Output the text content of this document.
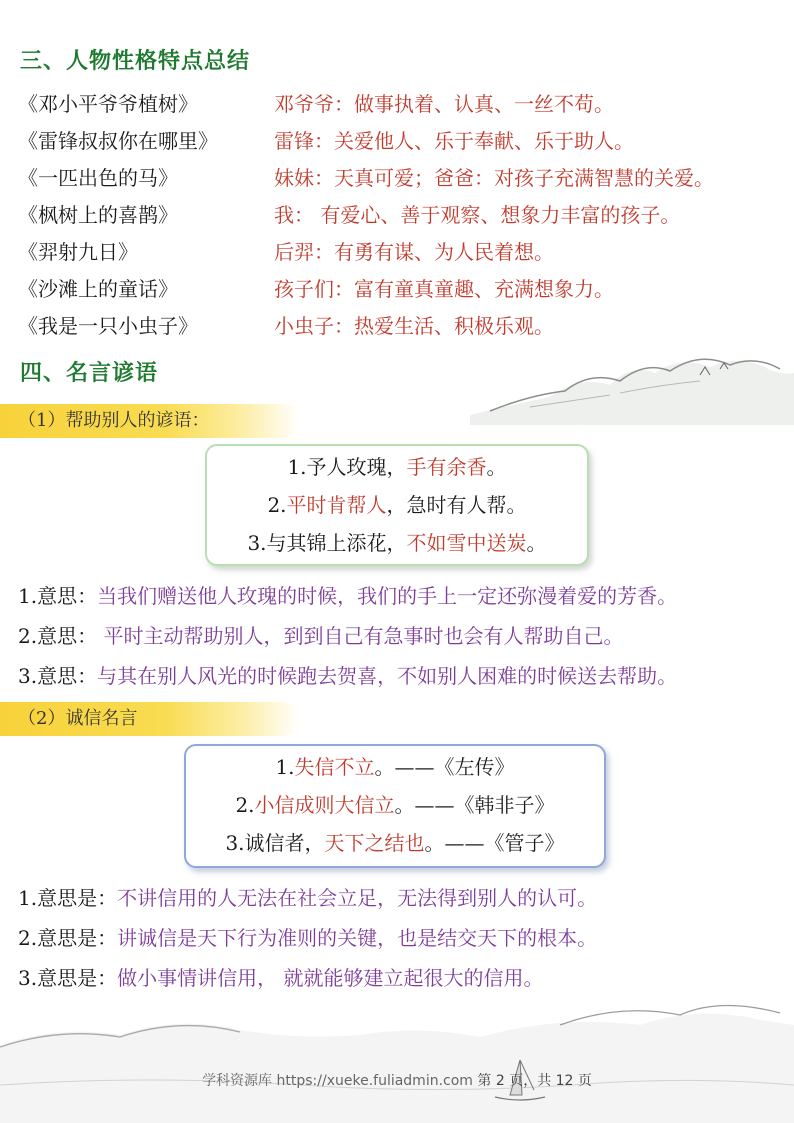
三、人物性格特点总结
《邓小平爷爷植树》	邓爷爷：做事执着、认真、一丝不苟。
《雷锋叔叔你在哪里》	雷锋：关爱他人、乐于奉献、乐于助人。
《一匹出色的马》	妹妹：天真可爱；爸爸：对孩子充满智慧的关爱。
《枫树上的喜鹊》	我： 有爱心、善于观察、想象力丰富的孩子。
《羿射九日》	后羿：有勇有谋、为人民着想。
《沙滩上的童话》	孩子们：富有童真童趣、充满想象力。
《我是一只小虫子》	小虫子：热爱生活、积极乐观。
四、名言谚语
（1）帮助别人的谚语：
1.予人玫瑰，手有余香。
2.平时肯帮人，急时有人帮。
3.与其锦上添花，不如雪中送炭。
1.意思：当我们赠送他人玫瑰的时候，我们的手上一定还弥漫着爱的芳香。
2.意思： 平时主动帮助别人，到到自己有急事时也会有人帮助自己。
3.意思：与其在别人风光的时候跑去贺喜，不如别人困难的时候送去帮助。
（2）诚信名言
1.失信不立。——《左传》
2.小信成则大信立。——《韩非子》
3.诚信者，天下之结也。——《管子》
1.意思是：不讲信用的人无法在社会立足，无法得到别人的认可。
2.意思是：讲诚信是天下行为准则的关键，也是结交天下的根本。
3.意思是：做小事情讲信用， 就就能够建立起很大的信用。
学科资源库 https://xueke.fuliadmin.com 第 2 页，共 12 页
